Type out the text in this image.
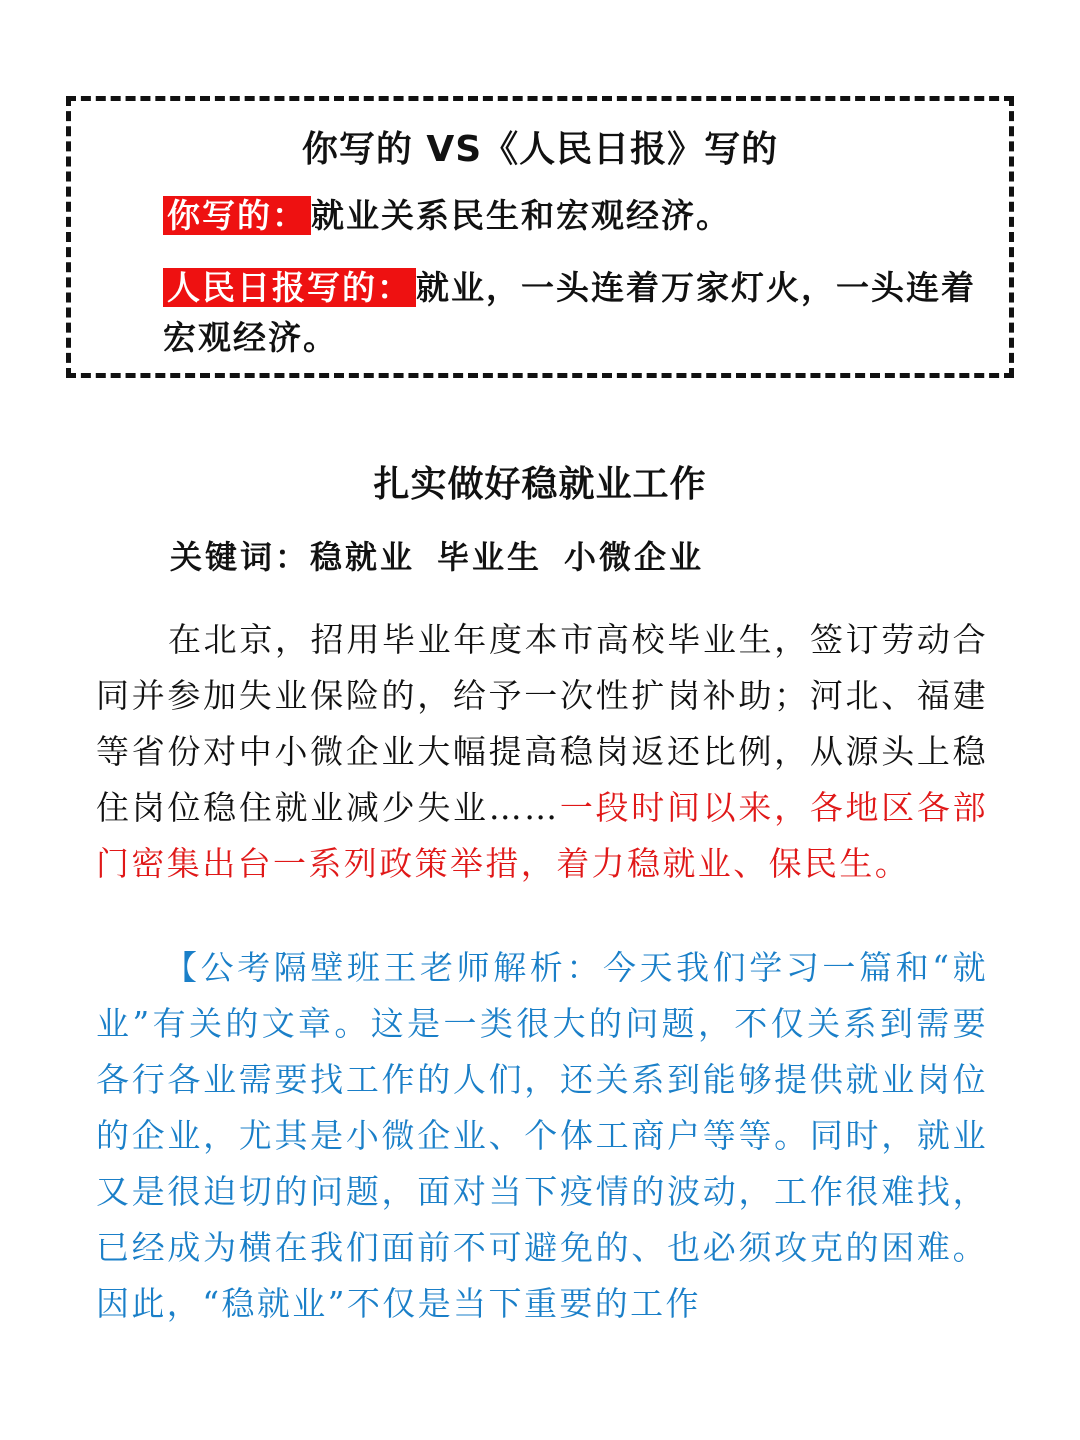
你写的 VS《人民日报》写的
你写的： 就业关系民生和宏观经济。
人民日报写的： 就业，一头连着万家灯火，一头连着宏观经济。
扎实做好稳就业工作
关键词：稳就业 毕业生 小微企业
在北京，招用毕业年度本市高校毕业生，签订劳动合同并参加失业保险的，给予一次性扩岗补助；河北、福建等省份对中小微企业大幅提高稳岗返还比例，从源头上稳住岗位稳住就业减少失业……一段时间以来，各地区各部门密集出台一系列政策举措，着力稳就业、保民生。
【公考隔壁班王老师解析：今天我们学习一篇和“就业”有关的文章。这是一类很大的问题，不仅关系到需要各行各业需要找工作的人们，还关系到能够提供就业岗位的企业，尤其是小微企业、个体工商户等等。同时，就业又是很迫切的问题，面对当下疫情的波动，工作很难找，已经成为横在我们面前不可避免的、也必须攻克的困难。因此，“稳就业”不仅是当下重要的工作
